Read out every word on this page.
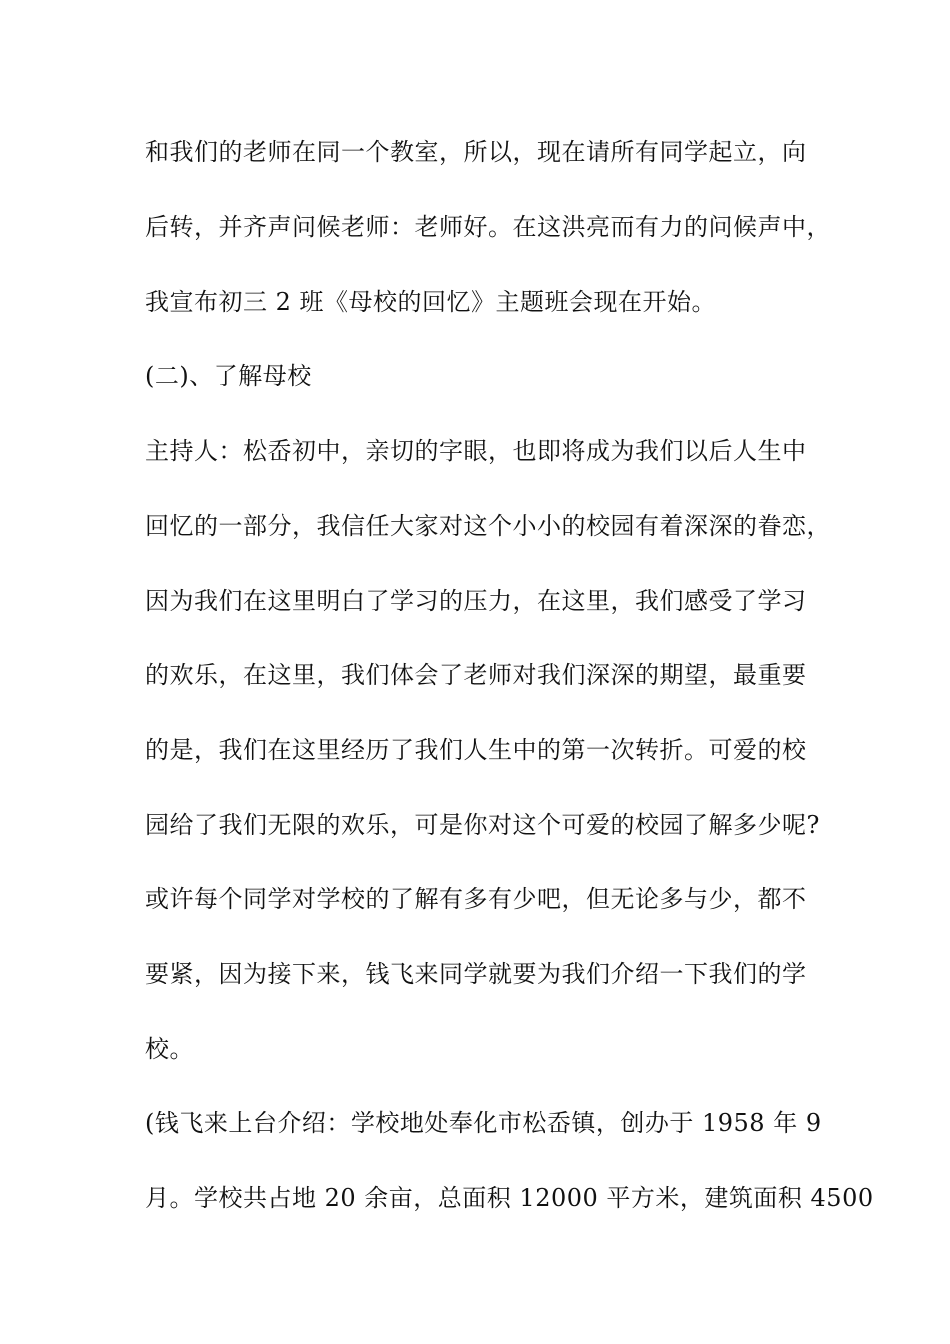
和我们的老师在同一个教室，所以，现在请所有同学起立，向
后转，并齐声问候老师：老师好。在这洪亮而有力的问候声中，
我宣布初三 2 班《母校的回忆》主题班会现在开始。
(二)、了解母校
主持人：松岙初中，亲切的字眼，也即将成为我们以后人生中
回忆的一部分，我信任大家对这个小小的校园有着深深的眷恋，
因为我们在这里明白了学习的压力，在这里，我们感受了学习
的欢乐，在这里，我们体会了老师对我们深深的期望，最重要
的是，我们在这里经历了我们人生中的第一次转折。可爱的校
园给了我们无限的欢乐，可是你对这个可爱的校园了解多少呢?
或许每个同学对学校的了解有多有少吧，但无论多与少，都不
要紧，因为接下来，钱飞来同学就要为我们介绍一下我们的学
校。
(钱飞来上台介绍：学校地处奉化市松岙镇，创办于 1958 年 9
月。学校共占地 20 余亩，总面积 12000 平方米，建筑面积 4500
